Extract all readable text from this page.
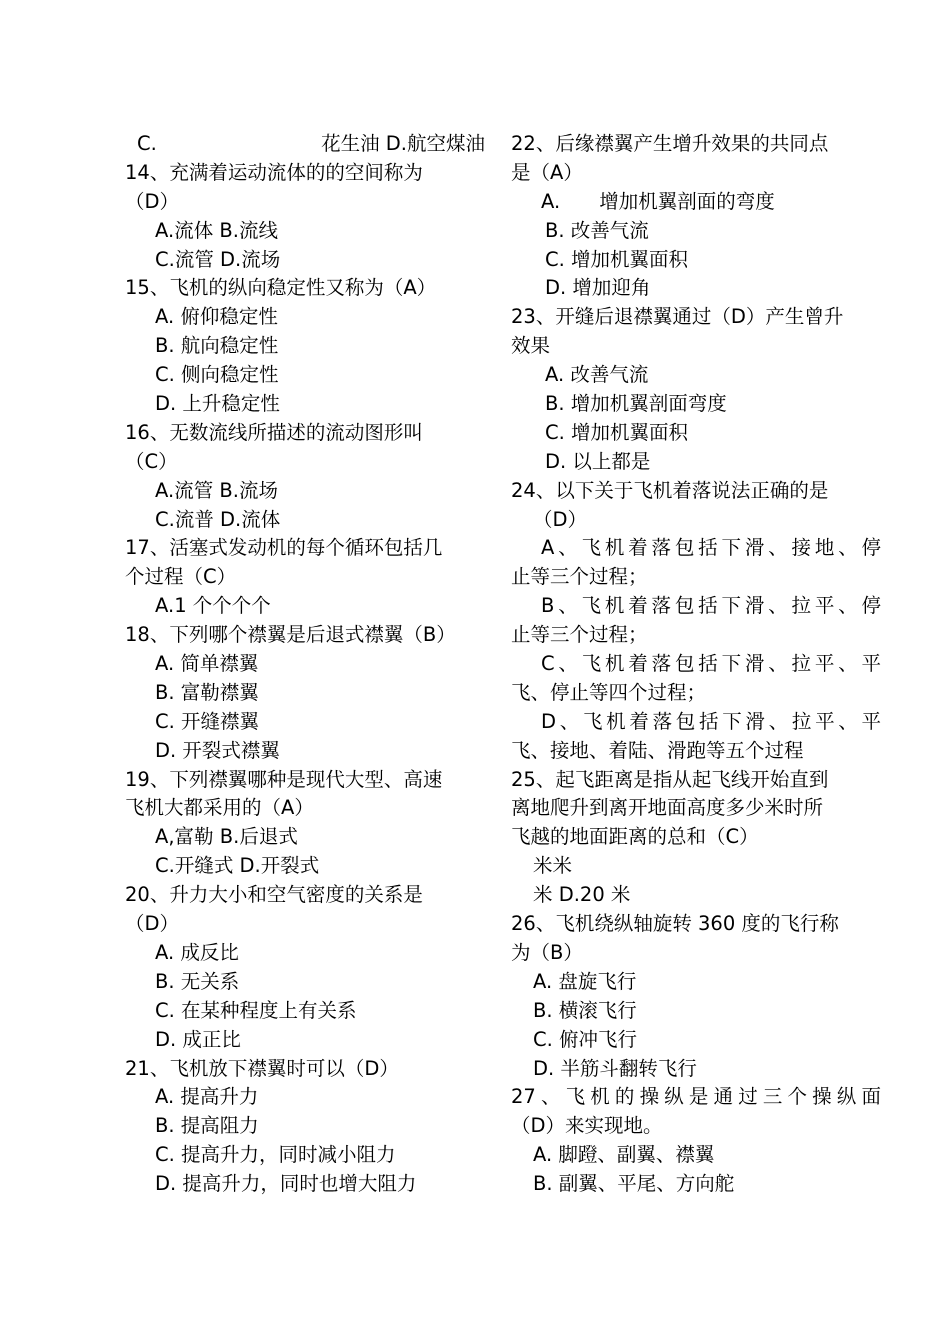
C.	花生油 D.航空煤油
14、充满着运动流体的的空间称为
（D）
A.流体 B.流线
C.流管 D.流场
15、飞机的纵向稳定性又称为（A）
A. 俯仰稳定性
B. 航向稳定性
C. 侧向稳定性
D. 上升稳定性
16、无数流线所描述的流动图形叫
（C）
A.流管 B.流场
C.流普 D.流体
17、活塞式发动机的每个循环包括几
个过程（C）
A.1 个个个个
18、下列哪个襟翼是后退式襟翼（B）
A. 简单襟翼
B. 富勒襟翼
C. 开缝襟翼
D. 开裂式襟翼
19、下列襟翼哪种是现代大型、高速
飞机大都采用的（A）
A,富勒 B.后退式
C.开缝式 D.开裂式
20、升力大小和空气密度的关系是
（D）
A. 成反比
B. 无关系
C. 在某种程度上有关系
D. 成正比
21、飞机放下襟翼时可以（D）
A. 提高升力
B. 提高阻力
C. 提高升力，同时减小阻力
D. 提高升力，同时也增大阻力
22、后缘襟翼产生增升效果的共同点
是（A）
A.　　增加机翼剖面的弯度
B. 改善气流
C. 增加机翼面积
D. 增加迎角
23、开缝后退襟翼通过（D）产生曾升
效果
A. 改善气流
B. 增加机翼剖面弯度
C. 增加机翼面积
D. 以上都是
24、以下关于飞机着落说法正确的是
（D）
A、飞机着落包括下滑、接地、停
止等三个过程；
B、飞机着落包括下滑、拉平、停
止等三个过程；
C、飞机着落包括下滑、拉平、平
飞、停止等四个过程；
D、飞机着落包括下滑、拉平、平
飞、接地、着陆、滑跑等五个过程
25、起飞距离是指从起飞线开始直到
离地爬升到离开地面高度多少米时所
飞越的地面距离的总和（C）
米米
米 D.20 米
26、飞机绕纵轴旋转 360 度的飞行称
为（B）
A. 盘旋飞行
B. 横滚飞行
C. 俯冲飞行
D. 半筋斗翻转飞行
27、飞机的操纵是通过三个操纵面
（D）来实现地。
A. 脚蹬、副翼、襟翼
B. 副翼、平尾、方向舵
